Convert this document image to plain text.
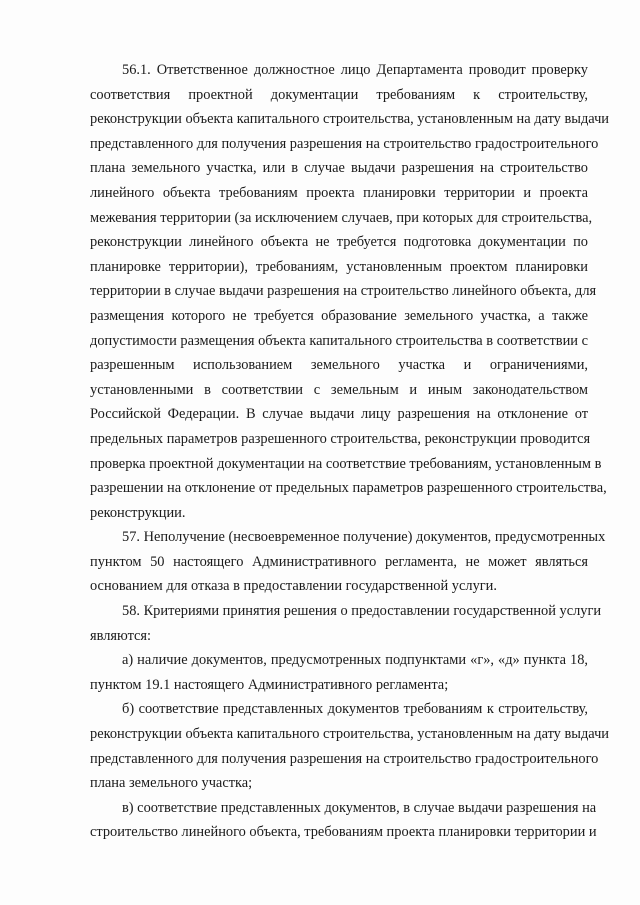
56.1. Ответственное должностное лицо Департамента проводит проверку
соответствия проектной документации требованиям к строительству,
реконструкции объекта капитального строительства, установленным на дату выдачи
представленного для получения разрешения на строительство градостроительного
плана земельного участка, или в случае выдачи разрешения на строительство
линейного объекта требованиям проекта планировки территории и проекта
межевания территории (за исключением случаев, при которых для строительства,
реконструкции линейного объекта не требуется подготовка документации по
планировке территории), требованиям, установленным проектом планировки
территории в случае выдачи разрешения на строительство линейного объекта, для
размещения которого не требуется образование земельного участка, а также
допустимости размещения объекта капитального строительства в соответствии с
разрешенным использованием земельного участка и ограничениями,
установленными в соответствии с земельным и иным законодательством
Российской Федерации. В случае выдачи лицу разрешения на отклонение от
предельных параметров разрешенного строительства, реконструкции проводится
проверка проектной документации на соответствие требованиям, установленным в
разрешении на отклонение от предельных параметров разрешенного строительства,
реконструкции.

57. Неполучение (несвоевременное получение) документов, предусмотренных
пунктом 50 настоящего Административного регламента, не может являться
основанием для отказа в предоставлении государственной услуги.

58. Критериями принятия решения о предоставлении государственной услуги
являются:

а) наличие документов, предусмотренных подпунктами «г», «д» пункта 18,
пунктом 19.1 настоящего Административного регламента;

б) соответствие представленных документов требованиям к строительству,
реконструкции объекта капитального строительства, установленным на дату выдачи
представленного для получения разрешения на строительство градостроительного
плана земельного участка;

в) соответствие представленных документов, в случае выдачи разрешения на
строительство линейного объекта, требованиям проекта планировки территории и
